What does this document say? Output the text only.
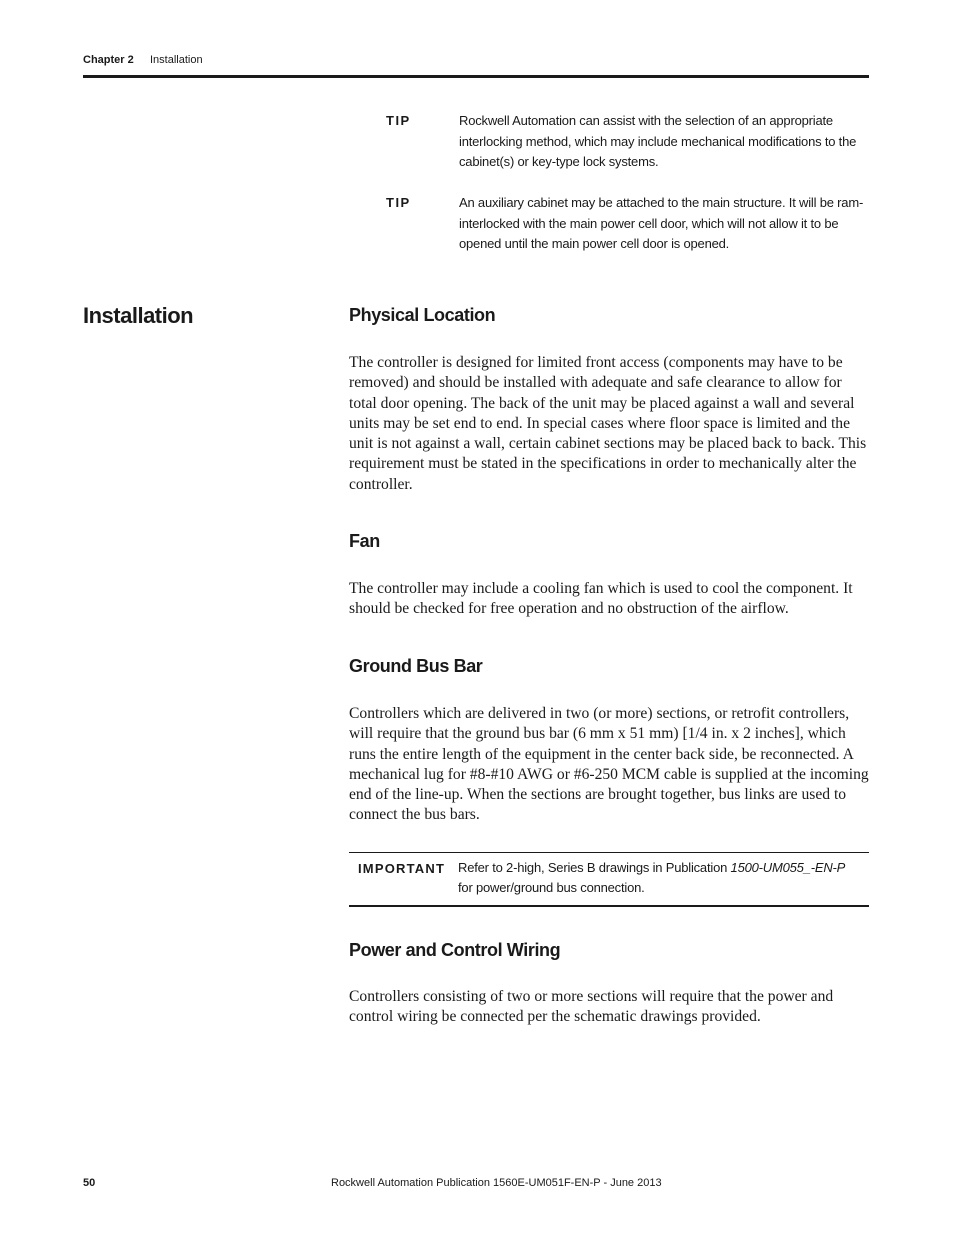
Chapter 2 Installation
TIP	Rockwell Automation can assist with the selection of an appropriate interlocking method, which may include mechanical modifications to the cabinet(s) or key-type lock systems.
TIP	An auxiliary cabinet may be attached to the main structure. It will be ram-interlocked with the main power cell door, which will not allow it to be opened until the main power cell door is opened.
Installation	Physical Location
The controller is designed for limited front access (components may have to be removed) and should be installed with adequate and safe clearance to allow for total door opening. The back of the unit may be placed against a wall and several units may be set end to end. In special cases where floor space is limited and the unit is not against a wall, certain cabinet sections may be placed back to back. This requirement must be stated in the specifications in order to mechanically alter the controller.
Fan
The controller may include a cooling fan which is used to cool the component. It should be checked for free operation and no obstruction of the airflow.
Ground Bus Bar
Controllers which are delivered in two (or more) sections, or retrofit controllers, will require that the ground bus bar (6 mm x 51 mm) [1/4 in. x 2 inches], which runs the entire length of the equipment in the center back side, be reconnected. A mechanical lug for #8-#10 AWG or #6-250 MCM cable is supplied at the incoming end of the line-up. When the sections are brought together, bus links are used to connect the bus bars.
IMPORTANT Refer to 2-high, Series B drawings in Publication 1500-UM055_-EN-P for power/ground bus connection.
Power and Control Wiring
Controllers consisting of two or more sections will require that the power and control wiring be connected per the schematic drawings provided.
50	Rockwell Automation Publication 1560E-UM051F-EN-P - June 2013
